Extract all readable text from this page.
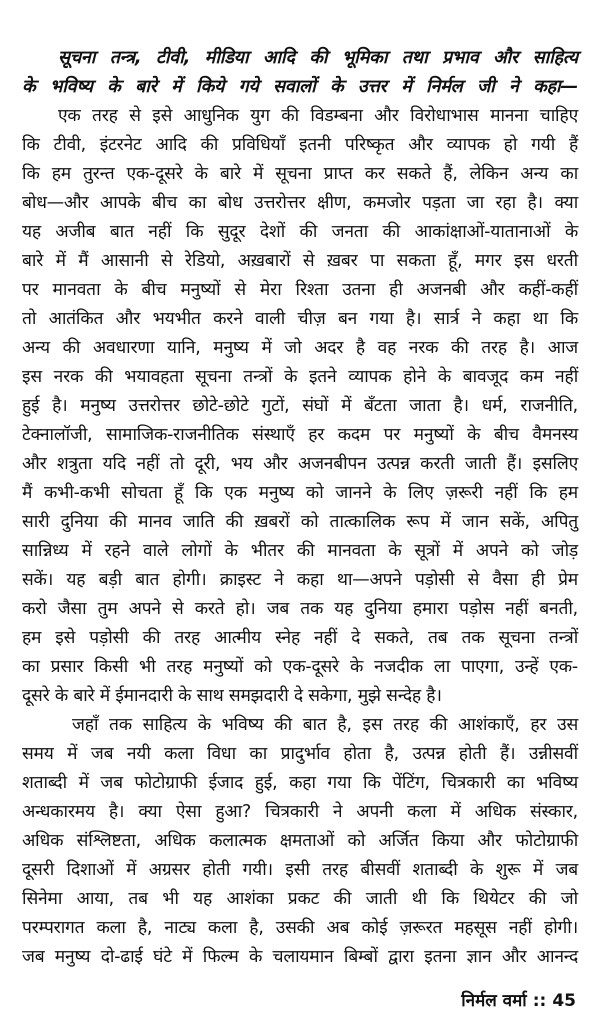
सूचना तन्त्र, टीवी, मीडिया आदि की भूमिका तथा प्रभाव और साहित्य
के भविष्य के बारे में किये गये सवालों के उत्तर में निर्मल जी ने कहा—
एक तरह से इसे आधुनिक युग की विडम्बना और विरोधाभास मानना चाहिए
कि टीवी, इंटरनेट आदि की प्रविधियाँ इतनी परिष्कृत और व्यापक हो गयी हैं
कि हम तुरन्त एक-दूसरे के बारे में सूचना प्राप्त कर सकते हैं, लेकिन अन्य का
बोध—और आपके बीच का बोध उत्तरोत्तर क्षीण, कमजोर पड़ता जा रहा है। क्या
यह अजीब बात नहीं कि सुदूर देशों की जनता की आकांक्षाओं-यातानाओं के
बारे में मैं आसानी से रेडियो, अख़बारों से ख़बर पा सकता हूँ, मगर इस धरती
पर मानवता के बीच मनुष्यों से मेरा रिश्ता उतना ही अजनबी और कहीं-कहीं
तो आतंकित और भयभीत करने वाली चीज़ बन गया है। सार्त्र ने कहा था कि
अन्य की अवधारणा यानि, मनुष्य में जो अदर है वह नरक की तरह है। आज
इस नरक की भयावहता सूचना तन्त्रों के इतने व्यापक होने के बावजूद कम नहीं
हुई है। मनुष्य उत्तरोत्तर छोटे-छोटे गुटों, संघों में बँटता जाता है। धर्म, राजनीति,
टेक्नालॉजी, सामाजिक-राजनीतिक संस्थाएँ हर कदम पर मनुष्यों के बीच वैमनस्य
और शत्रुता यदि नहीं तो दूरी, भय और अजनबीपन उत्पन्न करती जाती हैं। इसलिए
मैं कभी-कभी सोचता हूँ कि एक मनुष्य को जानने के लिए ज़रूरी नहीं कि हम
सारी दुनिया की मानव जाति की ख़बरों को तात्कालिक रूप में जान सकें, अपितु
सान्निध्य में रहने वाले लोगों के भीतर की मानवता के सूत्रों में अपने को जोड़
सकें। यह बड़ी बात होगी। क्राइस्ट ने कहा था—अपने पड़ोसी से वैसा ही प्रेम
करो जैसा तुम अपने से करते हो। जब तक यह दुनिया हमारा पड़ोस नहीं बनती,
हम इसे पड़ोसी की तरह आत्मीय स्नेह नहीं दे सकते, तब तक सूचना तन्त्रों
का प्रसार किसी भी तरह मनुष्यों को एक-दूसरे के नजदीक ला पाएगा, उन्हें एक-
दूसरे के बारे में ईमानदारी के साथ समझदारी दे सकेगा, मुझे सन्देह है।
जहाँ तक साहित्य के भविष्य की बात है, इस तरह की आशंकाएँ, हर उस
समय में जब नयी कला विधा का प्रादुर्भाव होता है, उत्पन्न होती हैं। उन्नीसवीं
शताब्दी में जब फोटोग्राफी ईजाद हुई, कहा गया कि पेंटिंग, चित्रकारी का भविष्य
अन्धकारमय है। क्या ऐसा हुआ? चित्रकारी ने अपनी कला में अधिक संस्कार,
अधिक संश्लिष्टता, अधिक कलात्मक क्षमताओं को अर्जित किया और फोटोग्राफी
दूसरी दिशाओं में अग्रसर होती गयी। इसी तरह बीसवीं शताब्दी के शुरू में जब
सिनेमा आया, तब भी यह आशंका प्रकट की जाती थी कि थियेटर की जो
परम्परागत कला है, नाट्य कला है, उसकी अब कोई ज़रूरत महसूस नहीं होगी।
जब मनुष्य दो-ढाई घंटे में फिल्म के चलायमान बिम्बों द्वारा इतना ज्ञान और आनन्द
निर्मल वर्मा :: 45
